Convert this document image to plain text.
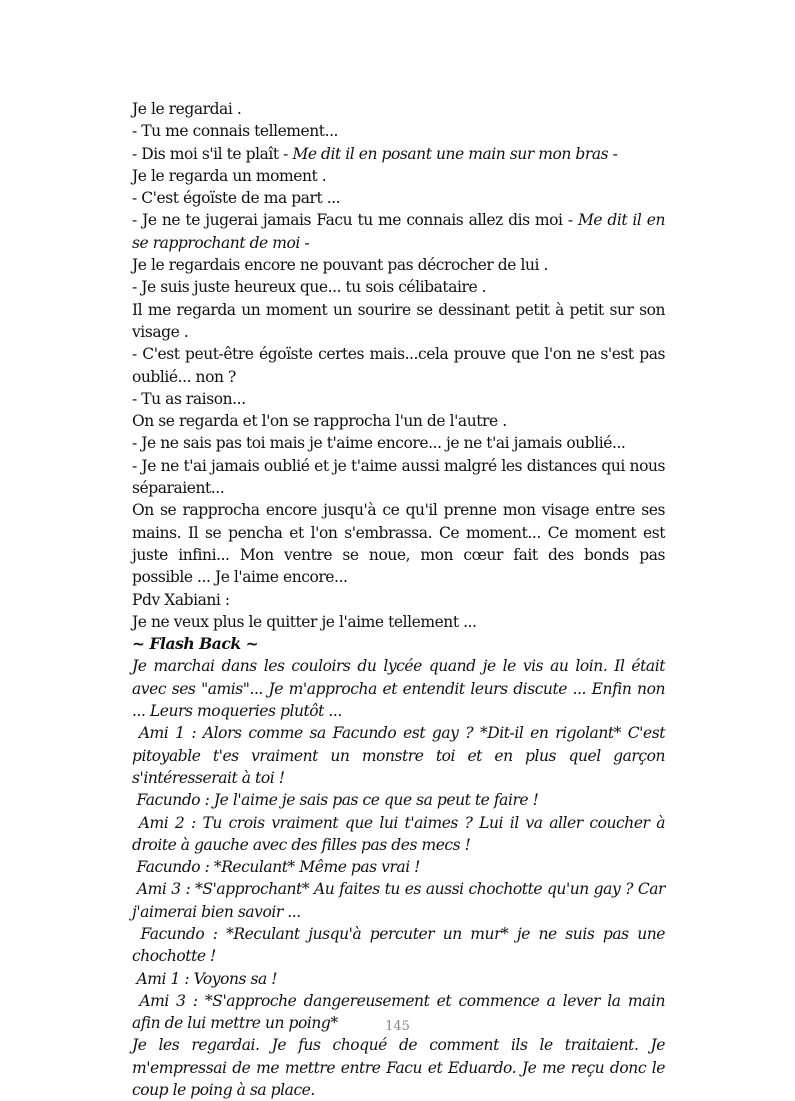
Je le regardai .

- Tu me connais tellement...

- Dis moi s'il te plaît - Me dit il en posant une main sur mon bras -

Je le regarda un moment .

- C'est égoïste de ma part ...

- Je ne te jugerai jamais Facu tu me connais allez dis moi - Me dit il en se rapprochant de moi -

Je le regardais encore ne pouvant pas décrocher de lui .

- Je suis juste heureux que... tu sois célibataire .

Il me regarda un moment un sourire se dessinant petit à petit sur son visage .

- C'est peut-être égoïste certes mais...cela prouve que l'on ne s'est pas oublié... non ?

- Tu as raison...

On se regarda et l'on se rapprocha l'un de l'autre .

- Je ne sais pas toi mais je t'aime encore... je ne t'ai jamais oublié...

- Je ne t'ai jamais oublié et je t'aime aussi malgré les distances qui nous séparaient...

On se rapprocha encore jusqu'à ce qu'il prenne mon visage entre ses mains. Il se pencha et l'on s'embrassa. Ce moment... Ce moment est juste infini... Mon ventre se noue, mon cœur fait des bonds pas possible ... Je l'aime encore...

Pdv Xabiani :

Je ne veux plus le quitter je l'aime tellement ...

~ Flash Back ~

Je marchai dans les couloirs du lycée quand je le vis au loin. Il était avec ses "amis"... Je m'approcha et entendit leurs discute ... Enfin non ... Leurs moqueries plutôt ...

Ami 1 : Alors comme sa Facundo est gay ? *Dit-il en rigolant* C'est pitoyable t'es vraiment un monstre toi et en plus quel garçon s'intéresserait à toi !

Facundo : Je l'aime je sais pas ce que sa peut te faire !

Ami 2 : Tu crois vraiment que lui t'aimes ? Lui il va aller coucher à droite à gauche avec des filles pas des mecs !

Facundo : *Reculant* Même pas vrai !

Ami 3 : *S'approchant* Au faites tu es aussi chochotte qu'un gay ? Car j'aimerai bien savoir ...

Facundo : *Reculant jusqu'à percuter un mur* je ne suis pas une chochotte !

Ami 1 : Voyons sa !

Ami 3 : *S'approche dangereusement et commence a lever la main afin de lui mettre un poing*

Je les regardai. Je fus choqué de comment ils le traitaient. Je m'empressai de me mettre entre Facu et Eduardo. Je me reçu donc le coup le poing à sa place.

145
